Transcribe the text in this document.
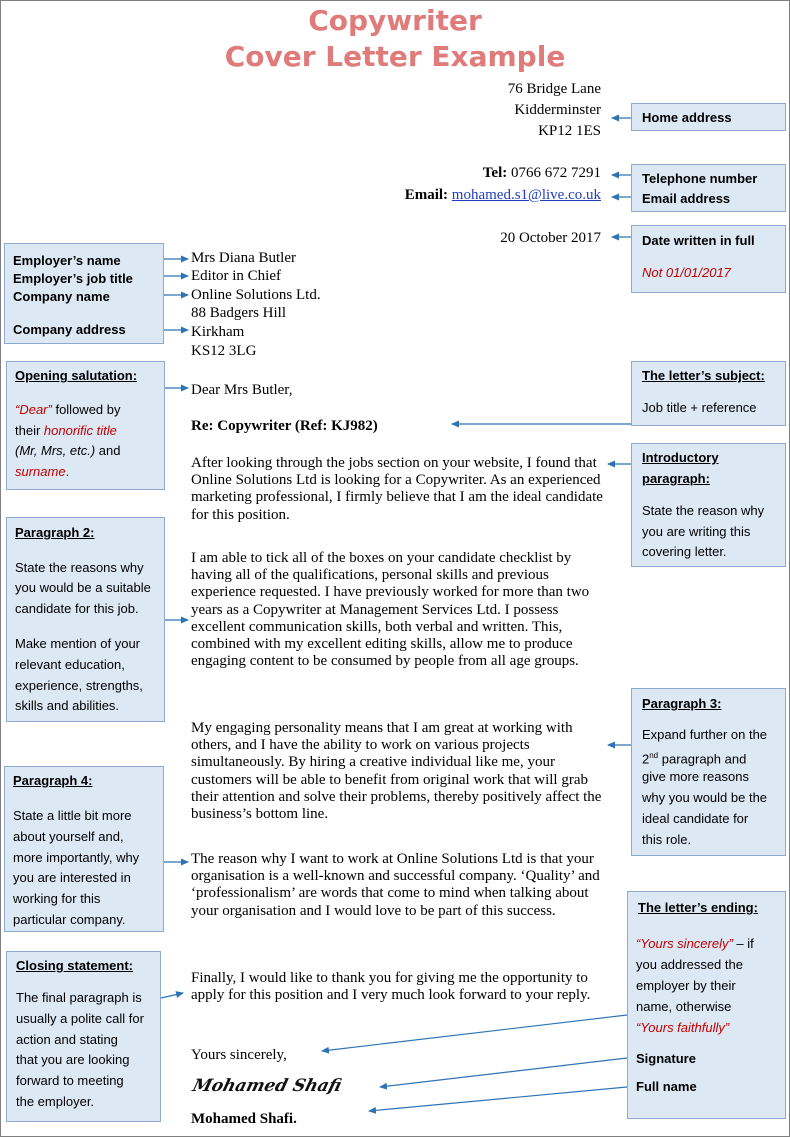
Copywriter
Cover Letter Example
76 Bridge Lane
Kidderminster
KP12 1ES
Tel: 0766 672 7291
Email: mohamed.s1@live.co.uk
20 October 2017
Mrs Diana Butler
Editor in Chief
Online Solutions Ltd.
88 Badgers Hill
Kirkham
KS12 3LG
Dear Mrs Butler,
Re: Copywriter (Ref: KJ982)
After looking through the jobs section on your website, I found that Online Solutions Ltd is looking for a Copywriter. As an experienced marketing professional, I firmly believe that I am the ideal candidate for this position.
I am able to tick all of the boxes on your candidate checklist by having all of the qualifications, personal skills and previous experience requested. I have previously worked for more than two years as a Copywriter at Management Services Ltd. I possess excellent communication skills, both verbal and written. This, combined with my excellent editing skills, allow me to produce engaging content to be consumed by people from all age groups.
My engaging personality means that I am great at working with others, and I have the ability to work on various projects simultaneously. By hiring a creative individual like me, your customers will be able to benefit from original work that will grab their attention and solve their problems, thereby positively affect the business’s bottom line.
The reason why I want to work at Online Solutions Ltd is that your organisation is a well-known and successful company. ‘Quality’ and ‘professionalism’ are words that come to mind when talking about your organisation and I would love to be part of this success.
Finally, I would like to thank you for giving me the opportunity to apply for this position and I very much look forward to your reply.
Yours sincerely,
Mohamed Shafi
Mohamed Shafi.
Home address
Telephone number
Email address
Date written in full
Not 01/01/2017
The letter’s subject:
Job title + reference
Introductory
paragraph:
State the reason why
you are writing this
covering letter.
Paragraph 3:
Expand further on the
2nd paragraph and
give more reasons
why you would be the
ideal candidate for
this role.
The letter’s ending:
“Yours sincerely” – if
you addressed the
employer by their
name, otherwise
“Yours faithfully”
Signature
Full name
Employer’s name
Employer’s job title
Company name
Company address
Opening salutation:
“Dear” followed by
their honorific title
(Mr, Mrs, etc.) and
surname.
Paragraph 2:
State the reasons why
you would be a suitable
candidate for this job.
Make mention of your
relevant education,
experience, strengths,
skills and abilities.
Paragraph 4:
State a little bit more
about yourself and,
more importantly, why
you are interested in
working for this
particular company.
Closing statement:
The final paragraph is
usually a polite call for
action and stating
that you are looking
forward to meeting
the employer.
